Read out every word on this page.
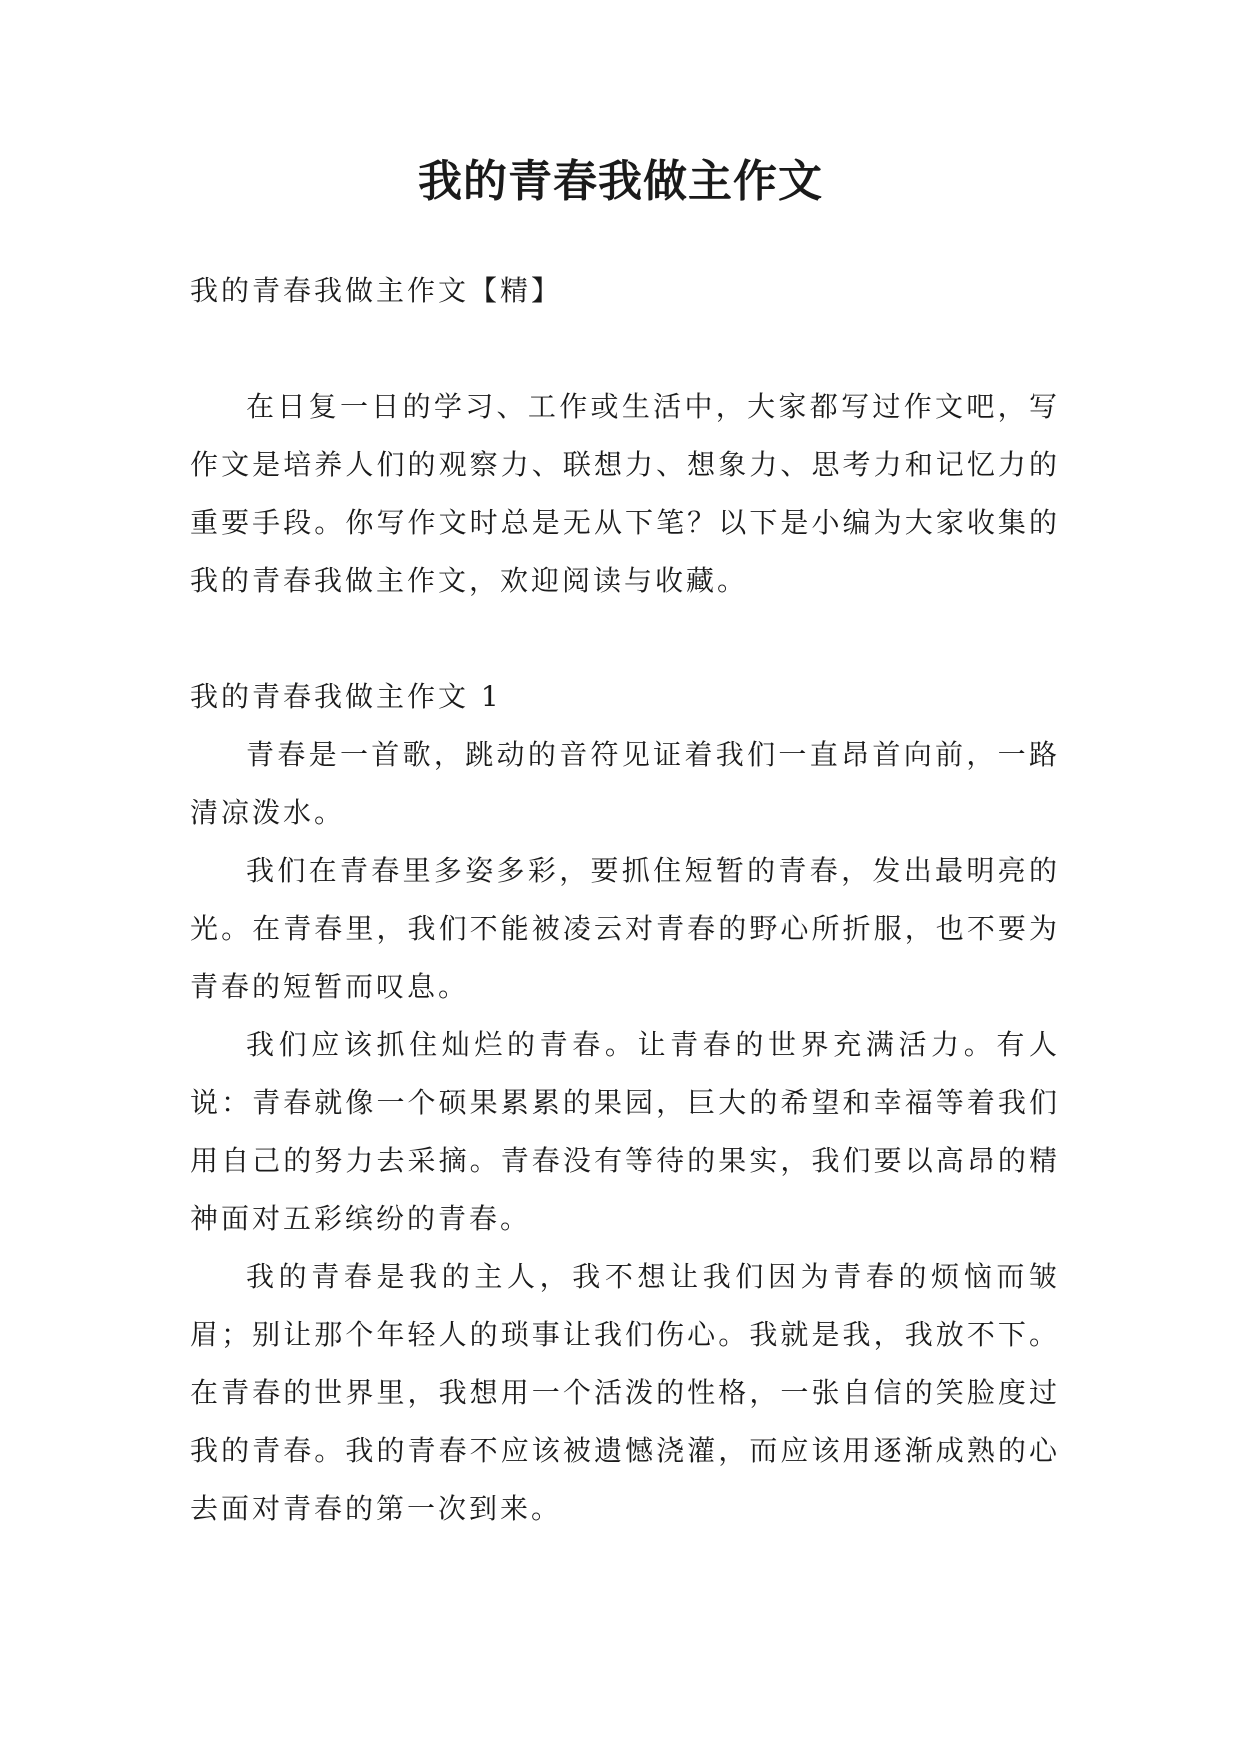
我的青春我做主作文

我的青春我做主作文【精】

在日复一日的学习、工作或生活中，大家都写过作文吧，写作文是培养人们的观察力、联想力、想象力、思考力和记忆力的重要手段。你写作文时总是无从下笔？以下是小编为大家收集的我的青春我做主作文，欢迎阅读与收藏。

我的青春我做主作文 1

青春是一首歌，跳动的音符见证着我们一直昂首向前，一路清凉泼水。

我们在青春里多姿多彩，要抓住短暂的青春，发出最明亮的光。在青春里，我们不能被凌云对青春的野心所折服，也不要为青春的短暂而叹息。

我们应该抓住灿烂的青春。让青春的世界充满活力。有人说：青春就像一个硕果累累的果园，巨大的希望和幸福等着我们用自己的努力去采摘。青春没有等待的果实，我们要以高昂的精神面对五彩缤纷的青春。

我的青春是我的主人，我不想让我们因为青春的烦恼而皱眉；别让那个年轻人的琐事让我们伤心。我就是我，我放不下。在青春的世界里，我想用一个活泼的性格，一张自信的笑脸度过我的青春。我的青春不应该被遗憾浇灌，而应该用逐渐成熟的心去面对青春的第一次到来。
